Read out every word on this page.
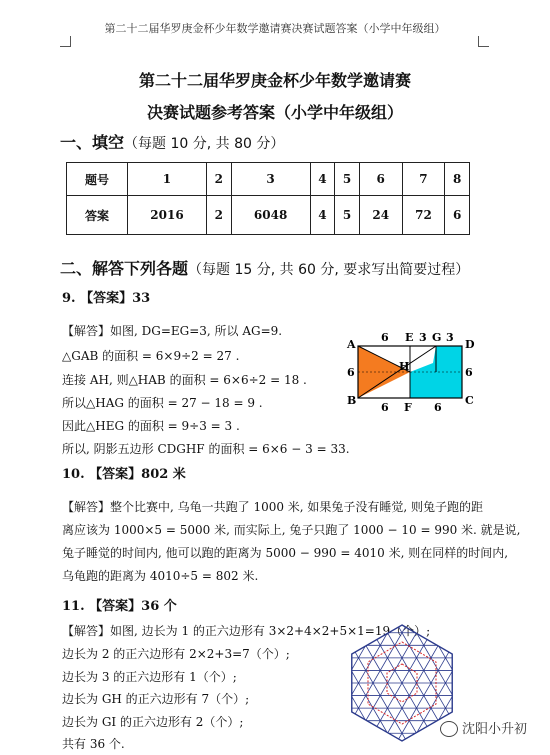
第二十二届华罗庚金杯少年数学邀请赛决赛试题答案（小学中年级组）
第二十二届华罗庚金杯少年数学邀请赛
决赛试题参考答案（小学中年级组）
一、填空（每题 10 分, 共 80 分）
题号	1	2	3	4	5	6	7	8
答案	2016	2	6048	4	5	24	72	6
二、解答下列各题（每题 15 分, 共 60 分, 要求写出简要过程）
9. 【答案】33
【解答】如图, DG=EG=3, 所以 AG=9.
△GAB 的面积 = 6×9÷2 = 27 .
连接 AH, 则△HAB 的面积 = 6×6÷2 = 18 .
所以△HAG 的面积 = 27 − 18 = 9 .
因此△HEG 的面积 = 9÷3 = 3 .
所以, 阴影五边形 CDGHF 的面积 = 6×6 − 3 = 33.
A
B	C
D
E G
H
F
6	3 3
6	6
6	6
10. 【答案】802 米
【解答】整个比赛中, 乌龟一共跑了 1000 米, 如果兔子没有睡觉, 则兔子跑的距
离应该为 1000×5 = 5000 米, 而实际上, 兔子只跑了 1000 − 10 = 990 米. 就是说,
兔子睡觉的时间内, 他可以跑的距离为 5000 − 990 = 4010 米, 则在同样的时间内,
乌龟跑的距离为 4010÷5 = 802 米.
11. 【答案】36 个
【解答】如图, 边长为 1 的正六边形有 3×2+4×2+5×1=19（个）;
边长为 2 的正六边形有 2×2+3=7（个）;
边长为 3 的正六边形有 1（个）;
边长为 GH 的正六边形有 7（个）;
边长为 GI 的正六边形有 2（个）;
共有 36 个.
沈阳小升初
